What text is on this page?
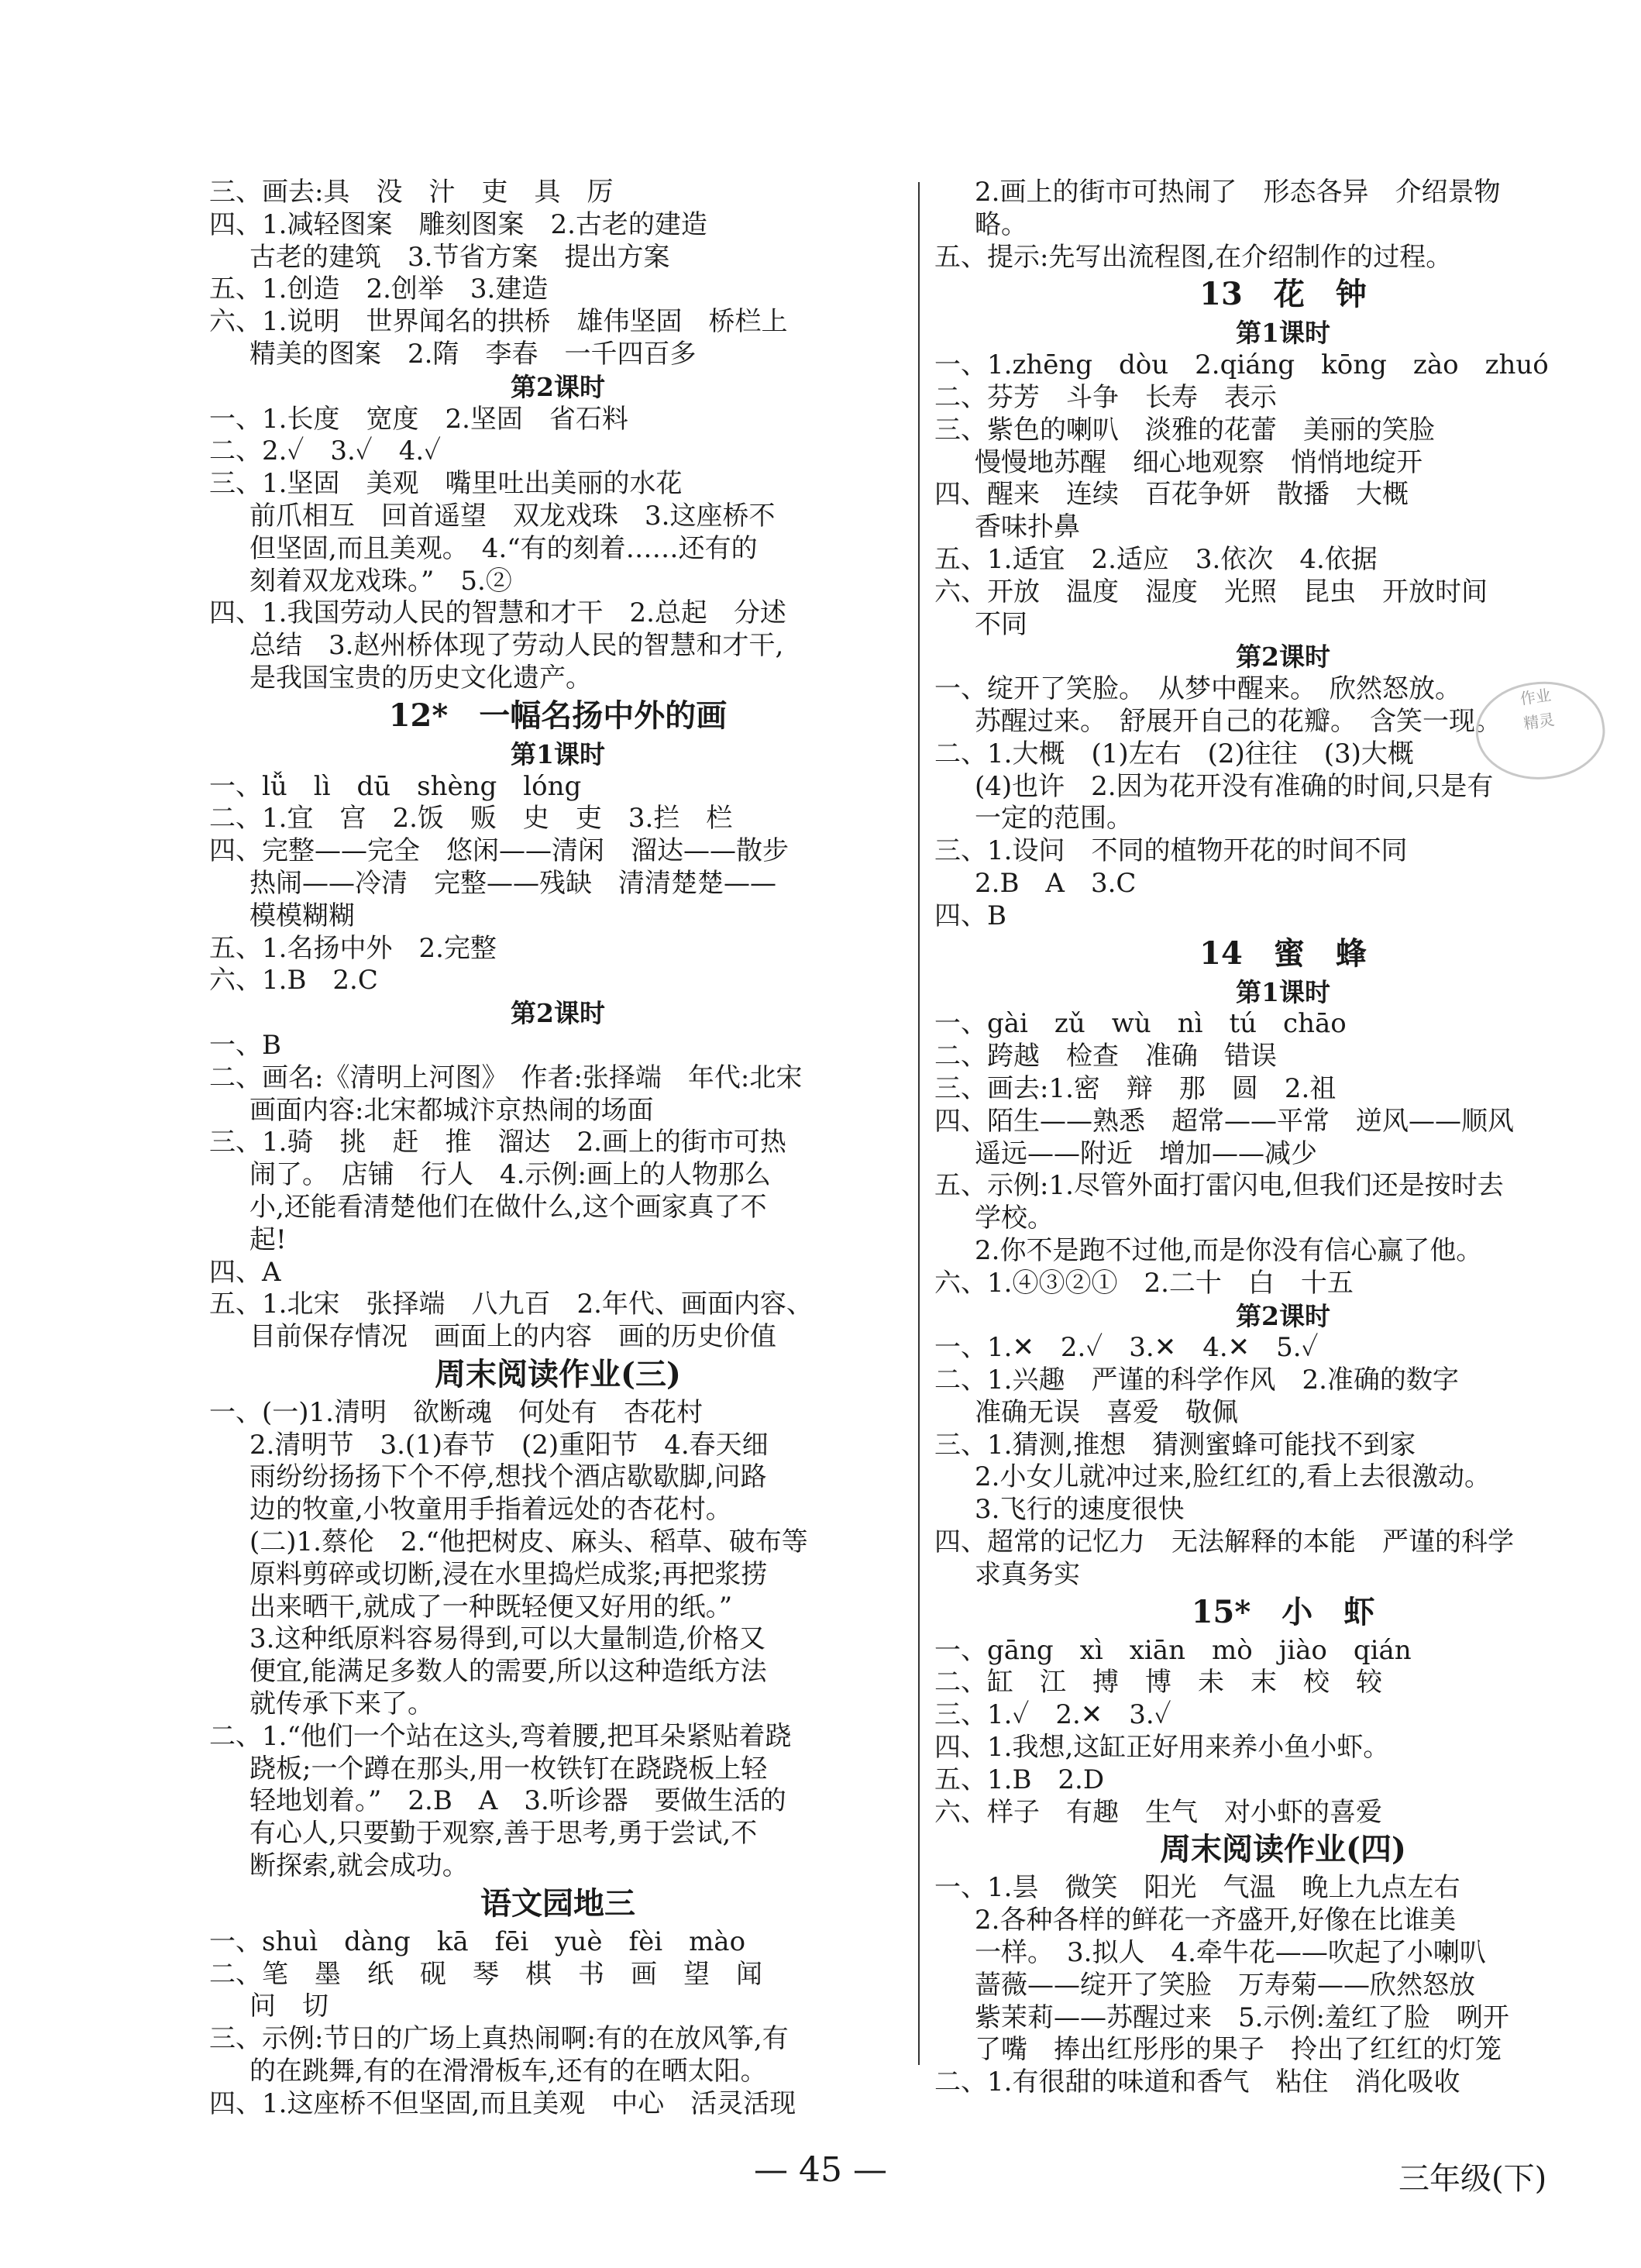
三、画去:具　没　汁　吏　具　厉
四、1.减轻图案　雕刻图案　2.古老的建造
古老的建筑　3.节省方案　提出方案
五、1.创造　2.创举　3.建造
六、1.说明　世界闻名的拱桥　雄伟坚固　桥栏上
精美的图案　2.隋　李春　一千四百多
第2课时
一、1.长度　宽度　2.坚固　省石料
二、2.✓　3.✓　4.✓
三、1.坚固　美观　嘴里吐出美丽的水花
前爪相互　回首遥望　双龙戏珠　3.这座桥不
但坚固,而且美观。　4.“有的刻着……还有的
刻着双龙戏珠。”　5.②
四、1.我国劳动人民的智慧和才干　2.总起　分述
总结　3.赵州桥体现了劳动人民的智慧和才干,
是我国宝贵的历史文化遗产。
12*　一幅名扬中外的画
第1课时
一、lǚ　lì　dū　shèng　lóng
二、1.宜　宫　2.饭　贩　史　吏　3.拦　栏
四、完整——完全　悠闲——清闲　溜达——散步
热闹——冷清　完整——残缺　清清楚楚——
模模糊糊
五、1.名扬中外　2.完整
六、1.B　2.C
第2课时
一、B
二、画名:《清明上河图》　作者:张择端　年代:北宋
画面内容:北宋都城汴京热闹的场面
三、1.骑　挑　赶　推　溜达　2.画上的街市可热
闹了。　店铺　行人　4.示例:画上的人物那么
小,还能看清楚他们在做什么,这个画家真了不
起!
四、A
五、1.北宋　张择端　八九百　2.年代、画面内容、
目前保存情况　画面上的内容　画的历史价值
周末阅读作业(三)
一、(一)1.清明　欲断魂　何处有　杏花村
2.清明节　3.(1)春节　(2)重阳节　4.春天细
雨纷纷扬扬下个不停,想找个酒店歇歇脚,问路
边的牧童,小牧童用手指着远处的杏花村。
(二)1.蔡伦　2.“他把树皮、麻头、稻草、破布等
原料剪碎或切断,浸在水里捣烂成浆;再把浆捞
出来晒干,就成了一种既轻便又好用的纸。”
3.这种纸原料容易得到,可以大量制造,价格又
便宜,能满足多数人的需要,所以这种造纸方法
就传承下来了。
二、1.“他们一个站在这头,弯着腰,把耳朵紧贴着跷
跷板;一个蹲在那头,用一枚铁钉在跷跷板上轻
轻地划着。”　2.B　A　3.听诊器　要做生活的
有心人,只要勤于观察,善于思考,勇于尝试,不
断探索,就会成功。
语文园地三
一、shuì　dàng　kā　fēi　yuè　fèi　mào
二、笔　墨　纸　砚　琴　棋　书　画　望　闻
问　切
三、示例:节日的广场上真热闹啊:有的在放风筝,有
的在跳舞,有的在滑滑板车,还有的在晒太阳。
四、1.这座桥不但坚固,而且美观　中心　活灵活现
2.画上的街市可热闹了　形态各异　介绍景物
略。
五、提示:先写出流程图,在介绍制作的过程。
13　花　钟
第1课时
一、1.zhēng　dòu　2.qiáng　kōng　zào　zhuó
二、芬芳　斗争　长寿　表示
三、紫色的喇叭　淡雅的花蕾　美丽的笑脸
慢慢地苏醒　细心地观察　悄悄地绽开
四、醒来　连续　百花争妍　散播　大概
香味扑鼻
五、1.适宜　2.适应　3.依次　4.依据
六、开放　温度　湿度　光照　昆虫　开放时间
不同
第2课时
一、绽开了笑脸。　从梦中醒来。　欣然怒放。
苏醒过来。　舒展开自己的花瓣。　含笑一现。
二、1.大概　(1)左右　(2)往往　(3)大概
(4)也许　2.因为花开没有准确的时间,只是有
一定的范围。
三、1.设问　不同的植物开花的时间不同
2.B　A　3.C
四、B
14　蜜　蜂
第1课时
一、gài　zǔ　wù　nì　tú　chāo
二、跨越　检查　准确　错误
三、画去:1.密　辩　那　圆　2.祖
四、陌生——熟悉　超常——平常　逆风——顺风
遥远——附近　增加——减少
五、示例:1.尽管外面打雷闪电,但我们还是按时去
学校。
2.你不是跑不过他,而是你没有信心赢了他。
六、1.④③②①　2.二十　白　十五
第2课时
一、1.✕　2.✓　3.✕　4.✕　5.✓
二、1.兴趣　严谨的科学作风　2.准确的数字
准确无误　喜爱　敬佩
三、1.猜测,推想　猜测蜜蜂可能找不到家
2.小女儿就冲过来,脸红红的,看上去很激动。
3.飞行的速度很快
四、超常的记忆力　无法解释的本能　严谨的科学
求真务实
15*　小　虾
一、gāng　xì　xiān　mò　jiào　qián
二、缸　江　搏　博　未　末　校　较
三、1.✓　2.✕　3.✓
四、1.我想,这缸正好用来养小鱼小虾。
五、1.B　2.D
六、样子　有趣　生气　对小虾的喜爱
周末阅读作业(四)
一、1.昙　微笑　阳光　气温　晚上九点左右
2.各种各样的鲜花一齐盛开,好像在比谁美
一样。　3.拟人　4.牵牛花——吹起了小喇叭
蔷薇——绽开了笑脸　万寿菊——欣然怒放
紫茉莉——苏醒过来　5.示例:羞红了脸　咧开
了嘴　捧出红彤彤的果子　拎出了红红的灯笼
二、1.有很甜的味道和香气　粘住　消化吸收
作业
精灵
— 45 —	三年级(下)
